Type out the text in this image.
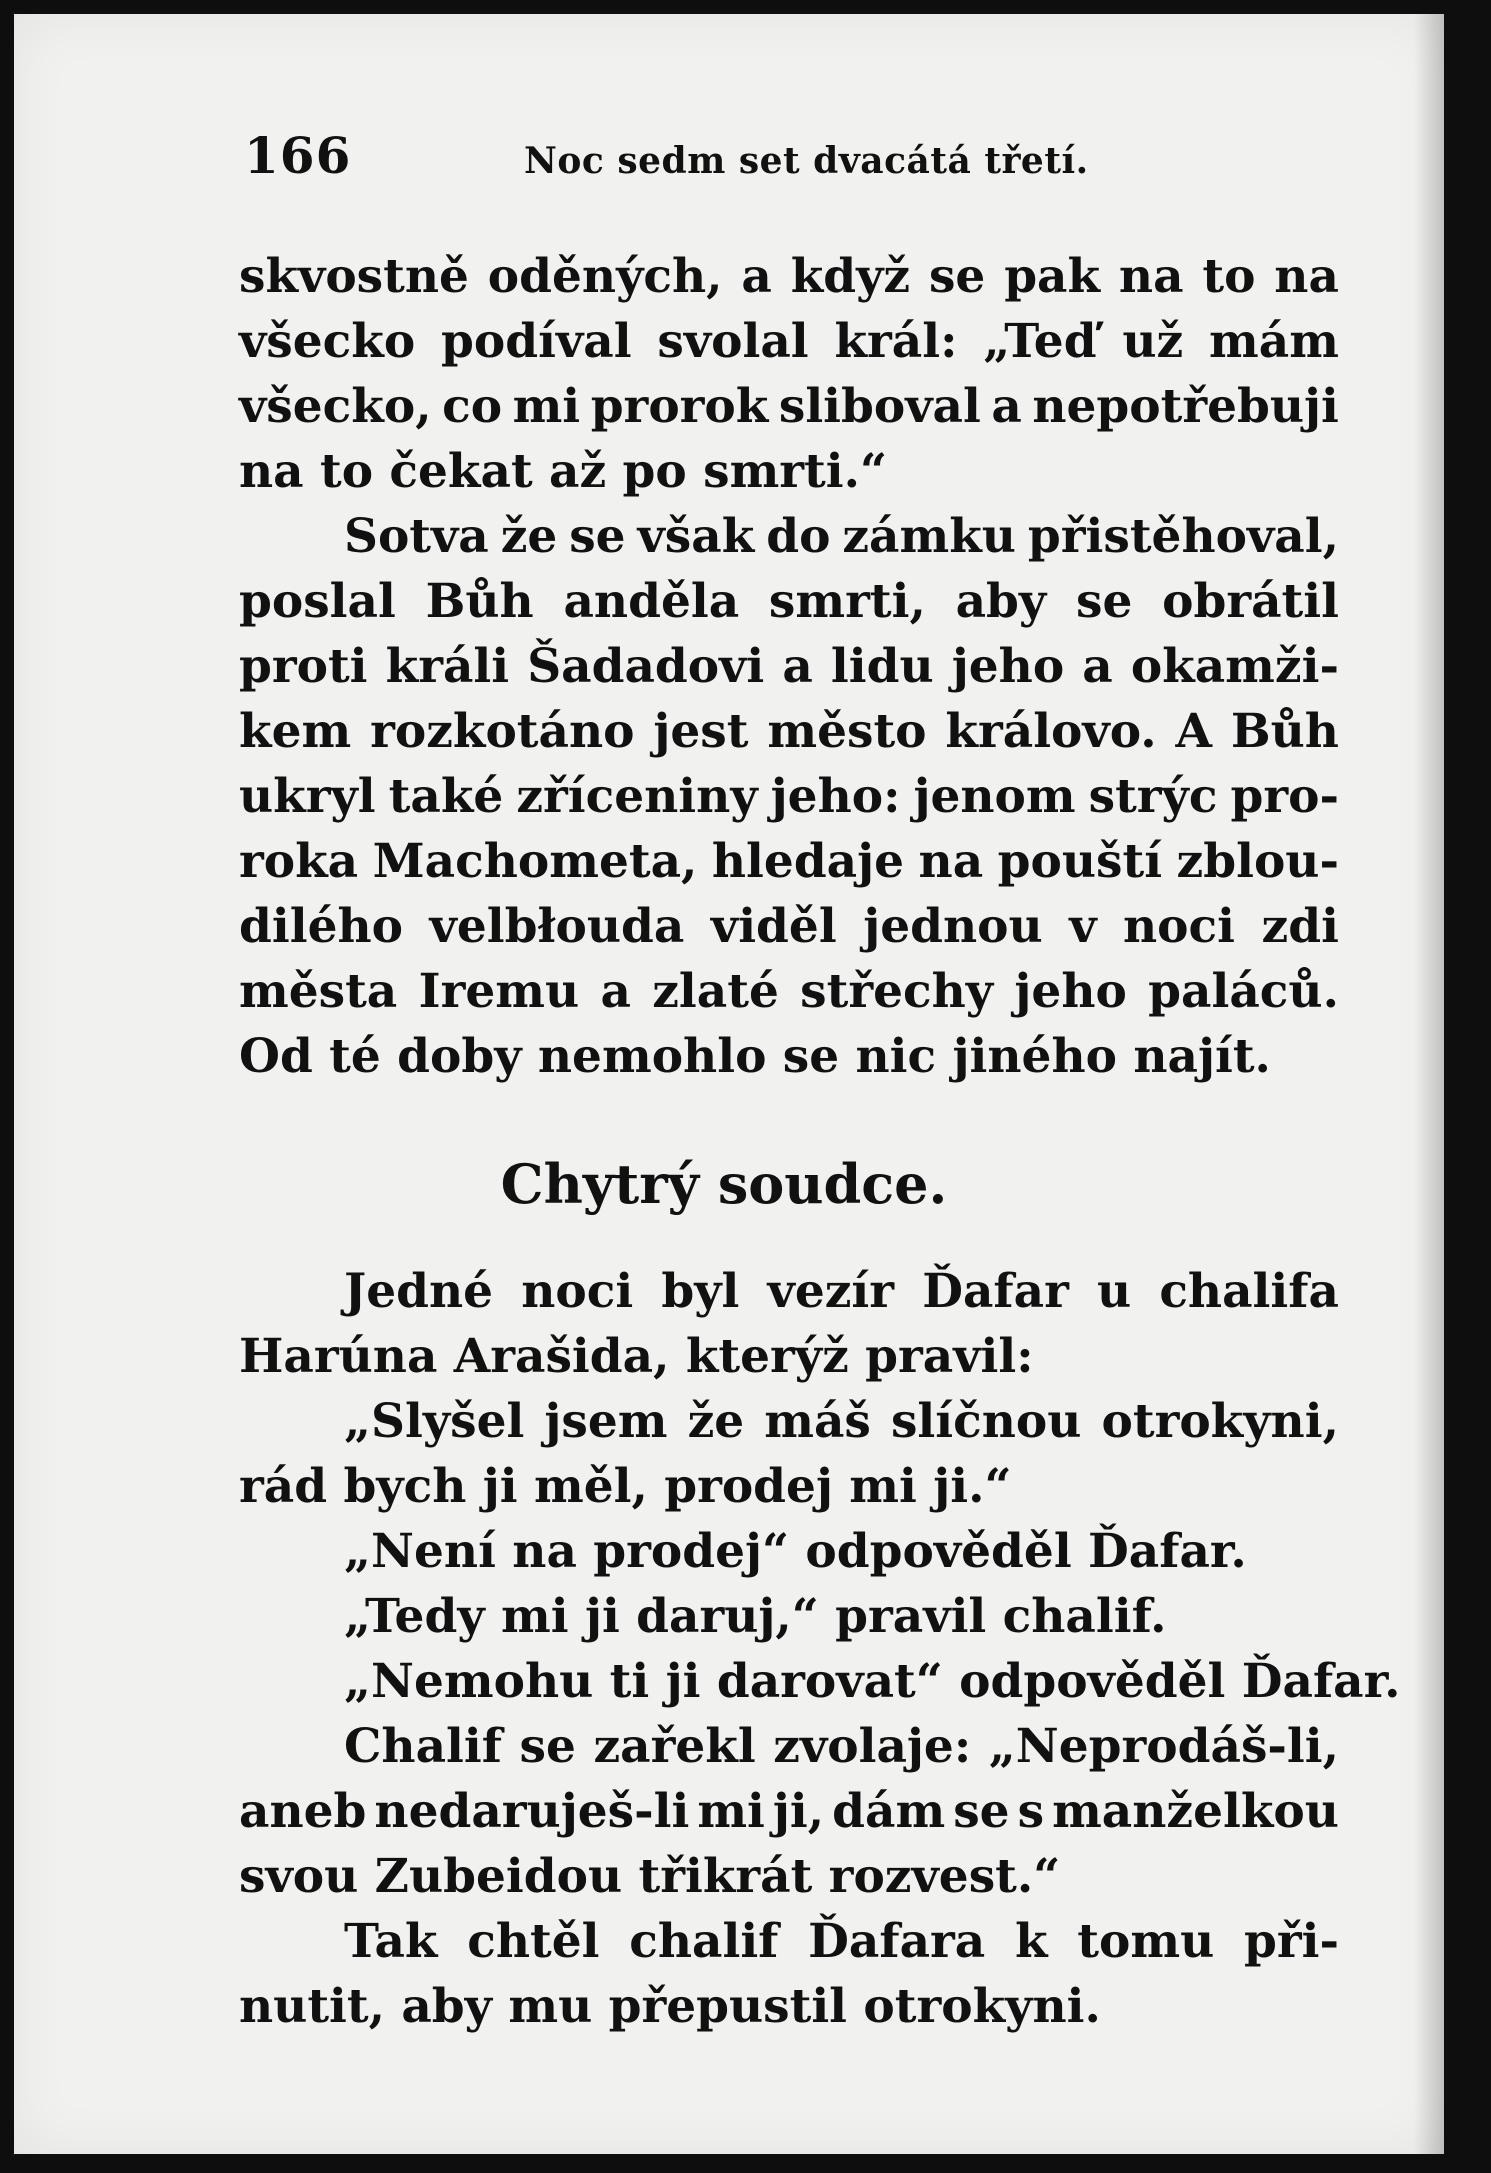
166	Noc sedm set dvacátá třetí.
skvostně oděných, a když se pak na to na
všecko podíval svolal král: „Teď už mám
všecko, co mi prorok sliboval a nepotřebuji
na to čekat až po smrti.“
Sotva že se však do zámku přistěhoval,
poslal Bůh anděla smrti, aby se obrátil
proti králi Šadadovi a lidu jeho a okamži-
kem rozkotáno jest město královo. A Bůh
ukryl také zříceniny jeho: jenom strýc pro-
roka Machometa, hledaje na pouští zblou-
dilého velbłouda viděl jednou v noci zdi
města Iremu a zlaté střechy jeho paláců.
Od té doby nemohlo se nic jiného najít.
Chytrý soudce.
Jedné noci byl vezír Ďafar u chalifa
Harúna Arašida, kterýž pravil:
„Slyšel jsem že máš slíčnou otrokyni,
rád bych ji měl, prodej mi ji.“
„Není na prodej“ odpověděl Ďafar.
„Tedy mi ji daruj,“ pravil chalif.
„Nemohu ti ji darovat“ odpověděl Ďafar.
Chalif se zařekl zvolaje: „Neprodáš-li,
aneb nedaruješ-li mi ji, dám se s manželkou
svou Zubeidou třikrát rozvest.“
Tak chtěl chalif Ďafara k tomu při-
nutit, aby mu přepustil otrokyni.
